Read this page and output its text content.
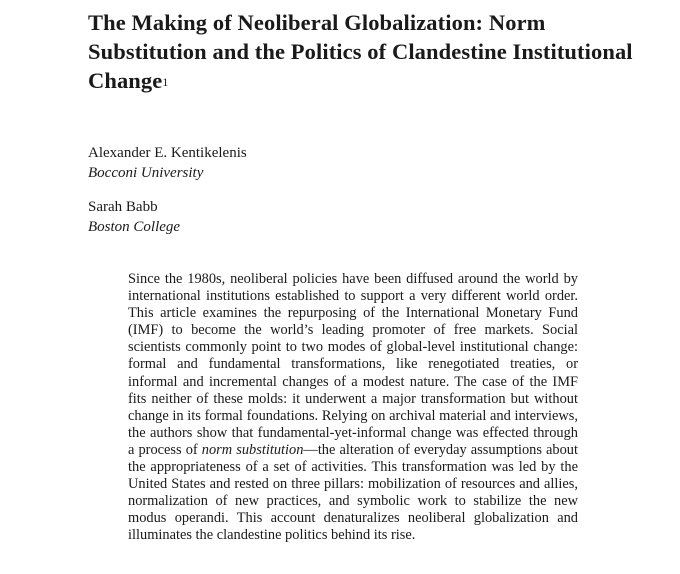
The Making of Neoliberal Globalization: Norm Substitution and the Politics of Clandestine Institutional Change$^1$
Alexander E. Kentikelenis
Bocconi University
Sarah Babb
Boston College

Since the 1980s, neoliberal policies have been diffused around the world by international institutions established to support a very different world order. This article examines the repurposing of the International Monetary Fund (IMF) to become the world’s leading promoter of free markets. Social scientists commonly point to two modes of global-level institutional change: formal and fundamental transformations, like renegotiated treaties, or informal and incremental changes of a modest nature. The case of the IMF fits neither of these molds: it underwent a major transformation but without change in its formal foundations. Relying on archival material and interviews, the authors show that fundamental-yet-informal change was effected through a process of norm substitution—the alteration of everyday assumptions about the appropriateness of a set of activities. This transformation was led by the United States and rested on three pillars: mobilization of resources and allies, normalization of new practices, and symbolic work to stabilize the new modus operandi. This account denaturalizes neoliberal globalization and illuminates the clandestine politics behind its rise.
